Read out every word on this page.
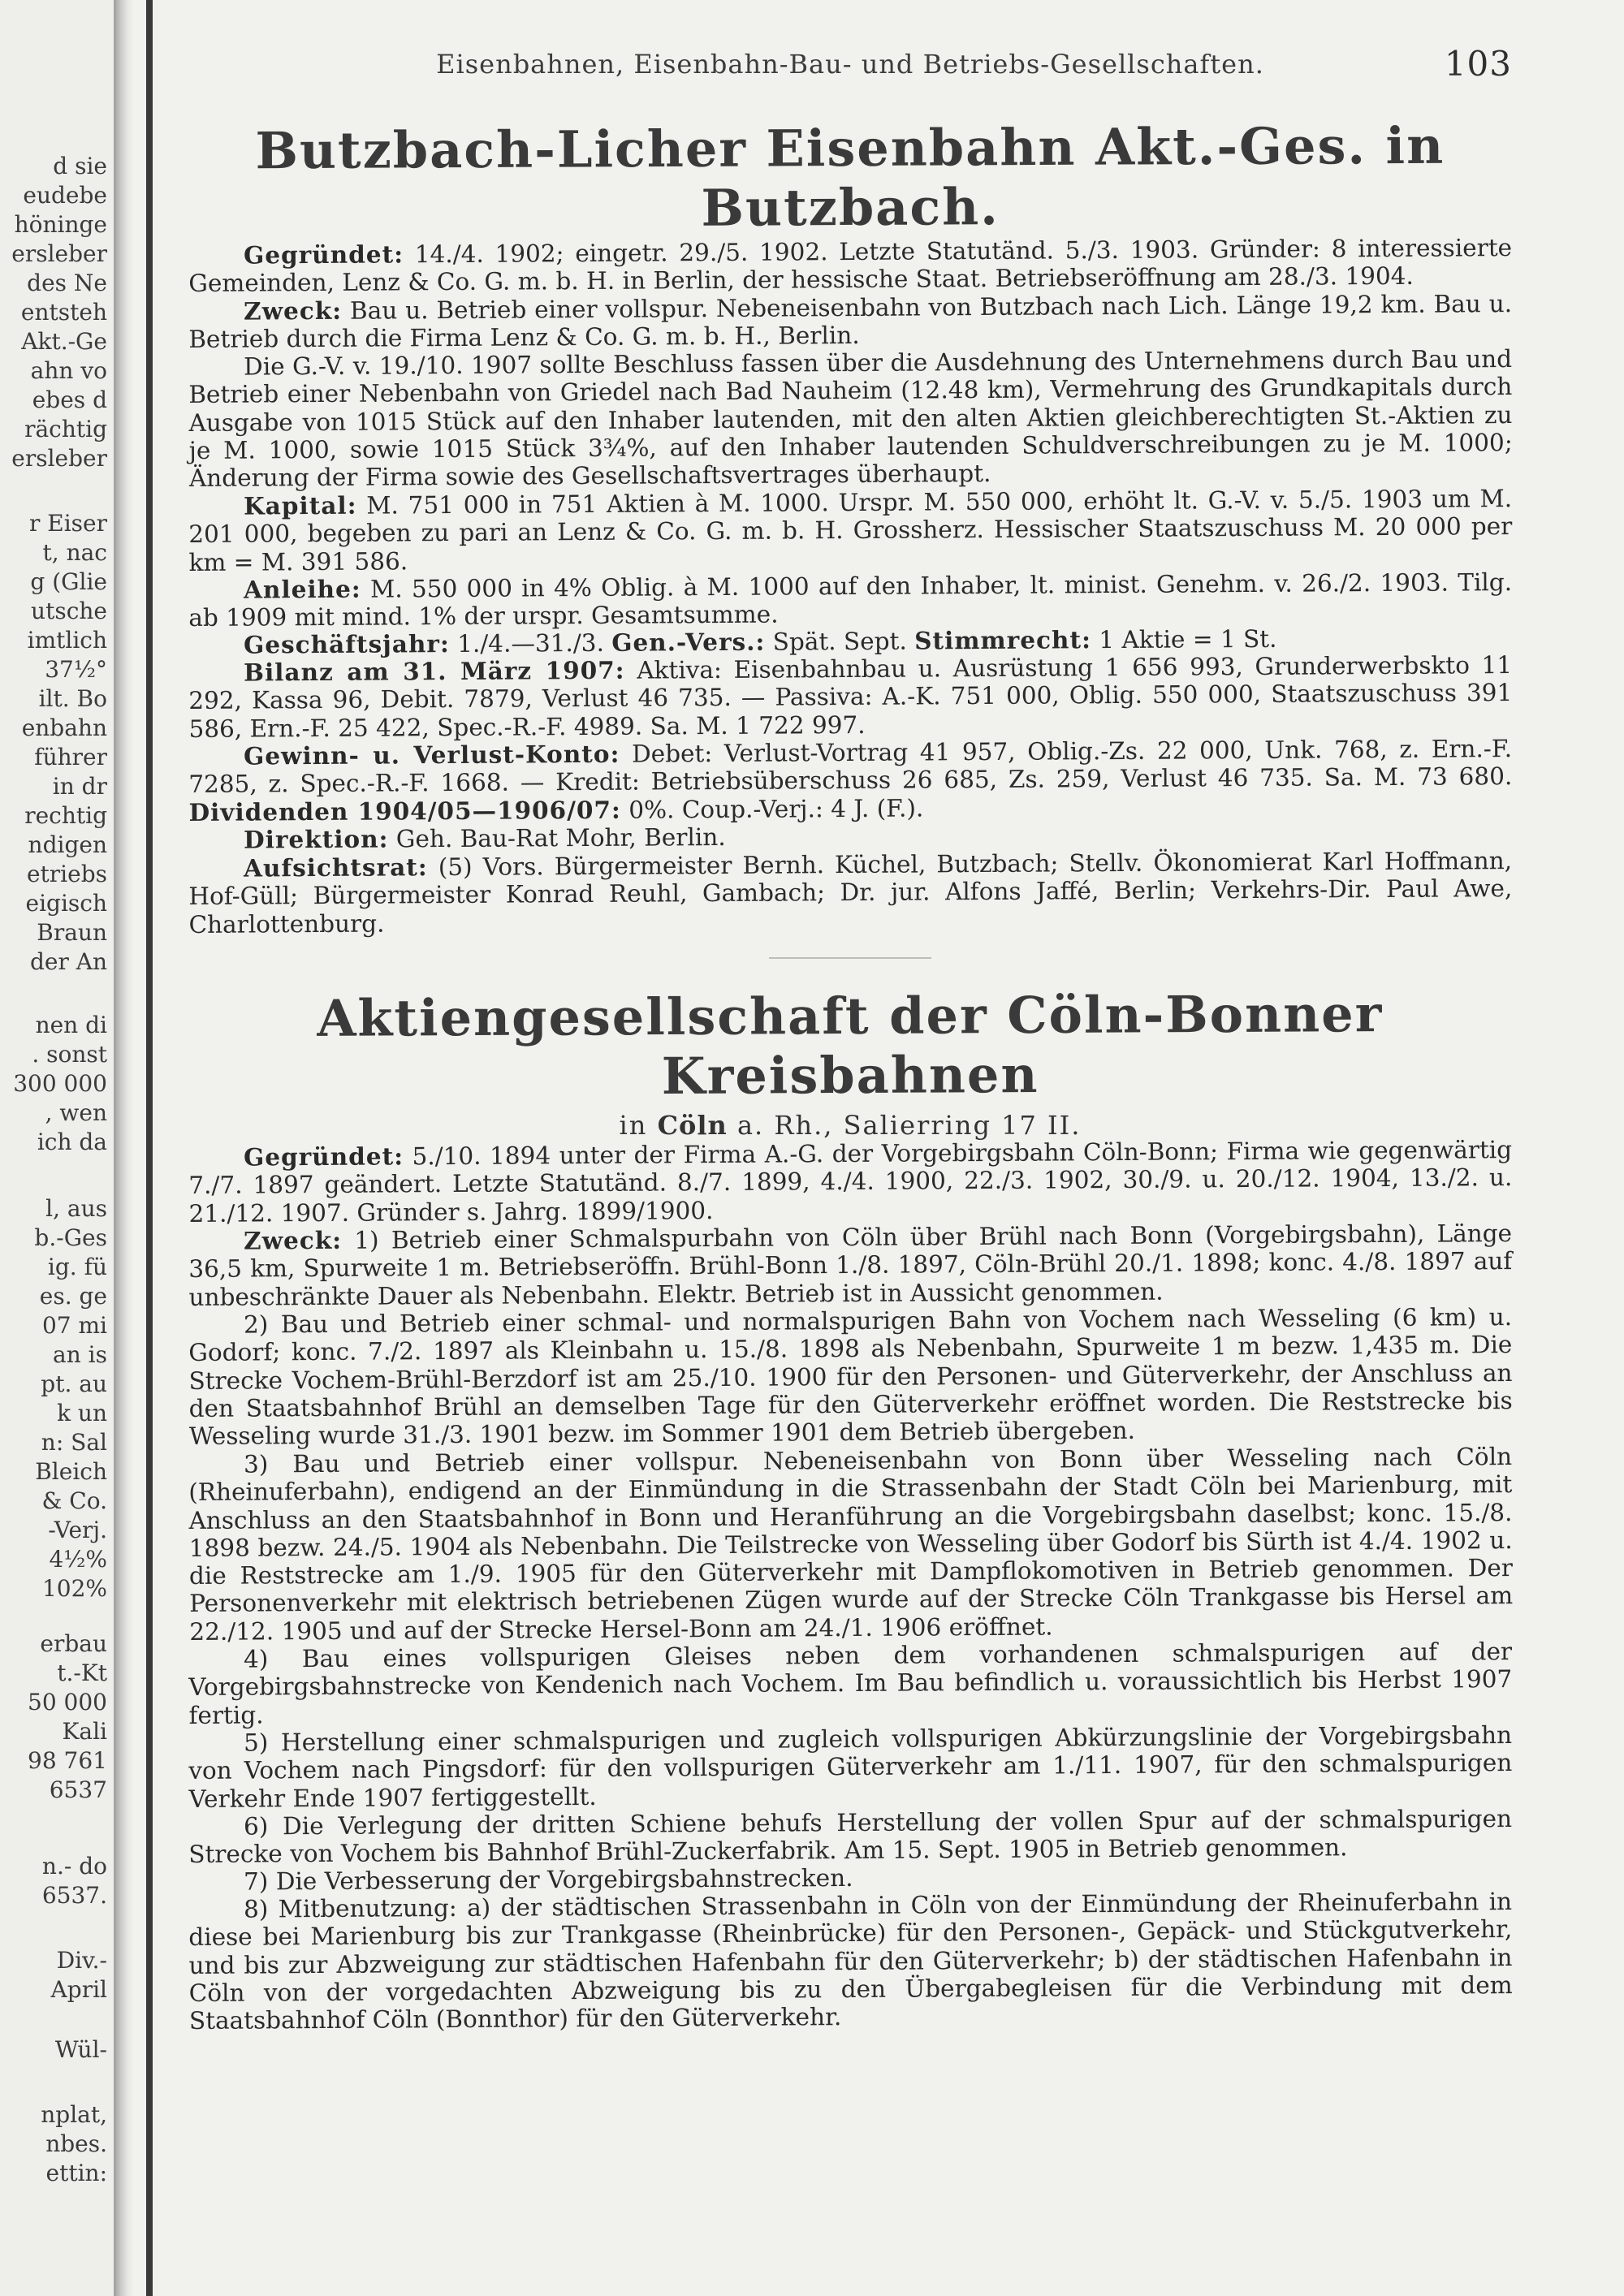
d sie
eudebe
höninge
ersleber
des Ne
entsteh
Akt.-Ge
ahn vo
ebes d
rächtig
ersleber
r Eiser
t, nac
g (Glie
utsche
imtlich
37½°
ilt. Bo
enbahn
führer
in dr
rechtig
ndigen
etriebs
eigisch
Braun
der An
nen di
. sonst
300 000
, wen
ich da
l, aus
b.-Ges
ig. fü
es. ge
07 mi
an is
pt. au
k un
n: Sal
Bleich
& Co.
-Verj.
4½%
102%
erbau
t.-Kt
50 000
Kali
98 761
6537
n.- do
6537.
Div.-
April
Wül-
nplat,
nbes.
ettin:
Eisenbahnen, Eisenbahn-Bau- und Betriebs-Gesellschaften.	103
Butzbach-Licher Eisenbahn Akt.-Ges. in Butzbach.

Gegründet: 14./4. 1902; eingetr. 29./5. 1902. Letzte Statutänd. 5./3. 1903. Gründer: 8 interessierte Gemeinden, Lenz & Co. G. m. b. H. in Berlin, der hessische Staat. Betriebseröffnung am 28./3. 1904.

Zweck: Bau u. Betrieb einer vollspur. Nebeneisenbahn von Butzbach nach Lich. Länge 19,2 km. Bau u. Betrieb durch die Firma Lenz & Co. G. m. b. H., Berlin.

Die G.-V. v. 19./10. 1907 sollte Beschluss fassen über die Ausdehnung des Unternehmens durch Bau und Betrieb einer Nebenbahn von Griedel nach Bad Nauheim (12.48 km), Vermehrung des Grundkapitals durch Ausgabe von 1015 Stück auf den Inhaber lautenden, mit den alten Aktien gleichberechtigten St.-Aktien zu je M. 1000, sowie 1015 Stück 3¾%, auf den Inhaber lautenden Schuldverschreibungen zu je M. 1000; Änderung der Firma sowie des Gesellschaftsvertrages überhaupt.

Kapital: M. 751 000 in 751 Aktien à M. 1000. Urspr. M. 550 000, erhöht lt. G.-V. v. 5./5. 1903 um M. 201 000, begeben zu pari an Lenz & Co. G. m. b. H. Grossherz. Hessischer Staatszuschuss M. 20 000 per km = M. 391 586.

Anleihe: M. 550 000 in 4% Oblig. à M. 1000 auf den Inhaber, lt. minist. Genehm. v. 26./2. 1903. Tilg. ab 1909 mit mind. 1% der urspr. Gesamtsumme.

Geschäftsjahr: 1./4.—31./3. Gen.-Vers.: Spät. Sept. Stimmrecht: 1 Aktie = 1 St.

Bilanz am 31. März 1907: Aktiva: Eisenbahnbau u. Ausrüstung 1 656 993, Grunderwerbskto 11 292, Kassa 96, Debit. 7879, Verlust 46 735. — Passiva: A.-K. 751 000, Oblig. 550 000, Staatszuschuss 391 586, Ern.-F. 25 422, Spec.-R.-F. 4989. Sa. M. 1 722 997.

Gewinn- u. Verlust-Konto: Debet: Verlust-Vortrag 41 957, Oblig.-Zs. 22 000, Unk. 768, z. Ern.-F. 7285, z. Spec.-R.-F. 1668. — Kredit: Betriebsüberschuss 26 685, Zs. 259, Verlust 46 735. Sa. M. 73 680. Dividenden 1904/05—1906/07: 0%. Coup.-Verj.: 4 J. (F.).

Direktion: Geh. Bau-Rat Mohr, Berlin.

Aufsichtsrat: (5) Vors. Bürgermeister Bernh. Küchel, Butzbach; Stellv. Ökonomierat Karl Hoffmann, Hof-Güll; Bürgermeister Konrad Reuhl, Gambach; Dr. jur. Alfons Jaffé, Berlin; Verkehrs-Dir. Paul Awe, Charlottenburg.

Aktiengesellschaft der Cöln-Bonner Kreisbahnen
in Cöln a. Rh., Salierring 17 II.

Gegründet: 5./10. 1894 unter der Firma A.-G. der Vorgebirgsbahn Cöln-Bonn; Firma wie gegenwärtig 7./7. 1897 geändert. Letzte Statutänd. 8./7. 1899, 4./4. 1900, 22./3. 1902, 30./9. u. 20./12. 1904, 13./2. u. 21./12. 1907. Gründer s. Jahrg. 1899/1900.

Zweck: 1) Betrieb einer Schmalspurbahn von Cöln über Brühl nach Bonn (Vorgebirgsbahn), Länge 36,5 km, Spurweite 1 m. Betriebseröffn. Brühl-Bonn 1./8. 1897, Cöln-Brühl 20./1. 1898; konc. 4./8. 1897 auf unbeschränkte Dauer als Nebenbahn. Elektr. Betrieb ist in Aussicht genommen.

2) Bau und Betrieb einer schmal- und normalspurigen Bahn von Vochem nach Wesseling (6 km) u. Godorf; konc. 7./2. 1897 als Kleinbahn u. 15./8. 1898 als Nebenbahn, Spurweite 1 m bezw. 1,435 m. Die Strecke Vochem-Brühl-Berzdorf ist am 25./10. 1900 für den Personen- und Güterverkehr, der Anschluss an den Staatsbahnhof Brühl an demselben Tage für den Güterverkehr eröffnet worden. Die Reststrecke bis Wesseling wurde 31./3. 1901 bezw. im Sommer 1901 dem Betrieb übergeben.

3) Bau und Betrieb einer vollspur. Nebeneisenbahn von Bonn über Wesseling nach Cöln (Rheinuferbahn), endigend an der Einmündung in die Strassenbahn der Stadt Cöln bei Marienburg, mit Anschluss an den Staatsbahnhof in Bonn und Heranführung an die Vorgebirgsbahn daselbst; konc. 15./8. 1898 bezw. 24./5. 1904 als Nebenbahn. Die Teilstrecke von Wesseling über Godorf bis Sürth ist 4./4. 1902 u. die Reststrecke am 1./9. 1905 für den Güterverkehr mit Dampflokomotiven in Betrieb genommen. Der Personenverkehr mit elektrisch betriebenen Zügen wurde auf der Strecke Cöln Trankgasse bis Hersel am 22./12. 1905 und auf der Strecke Hersel-Bonn am 24./1. 1906 eröffnet.

4) Bau eines vollspurigen Gleises neben dem vorhandenen schmalspurigen auf der Vorgebirgsbahnstrecke von Kendenich nach Vochem. Im Bau befindlich u. voraussichtlich bis Herbst 1907 fertig.

5) Herstellung einer schmalspurigen und zugleich vollspurigen Abkürzungslinie der Vorgebirgsbahn von Vochem nach Pingsdorf: für den vollspurigen Güterverkehr am 1./11. 1907, für den schmalspurigen Verkehr Ende 1907 fertiggestellt.

6) Die Verlegung der dritten Schiene behufs Herstellung der vollen Spur auf der schmalspurigen Strecke von Vochem bis Bahnhof Brühl-Zuckerfabrik. Am 15. Sept. 1905 in Betrieb genommen.

7) Die Verbesserung der Vorgebirgsbahnstrecken.

8) Mitbenutzung: a) der städtischen Strassenbahn in Cöln von der Einmündung der Rheinuferbahn in diese bei Marienburg bis zur Trankgasse (Rheinbrücke) für den Personen-, Gepäck- und Stückgutverkehr, und bis zur Abzweigung zur städtischen Hafenbahn für den Güterverkehr; b) der städtischen Hafenbahn in Cöln von der vorgedachten Abzweigung bis zu den Übergabegleisen für die Verbindung mit dem Staatsbahnhof Cöln (Bonnthor) für den Güterverkehr.
